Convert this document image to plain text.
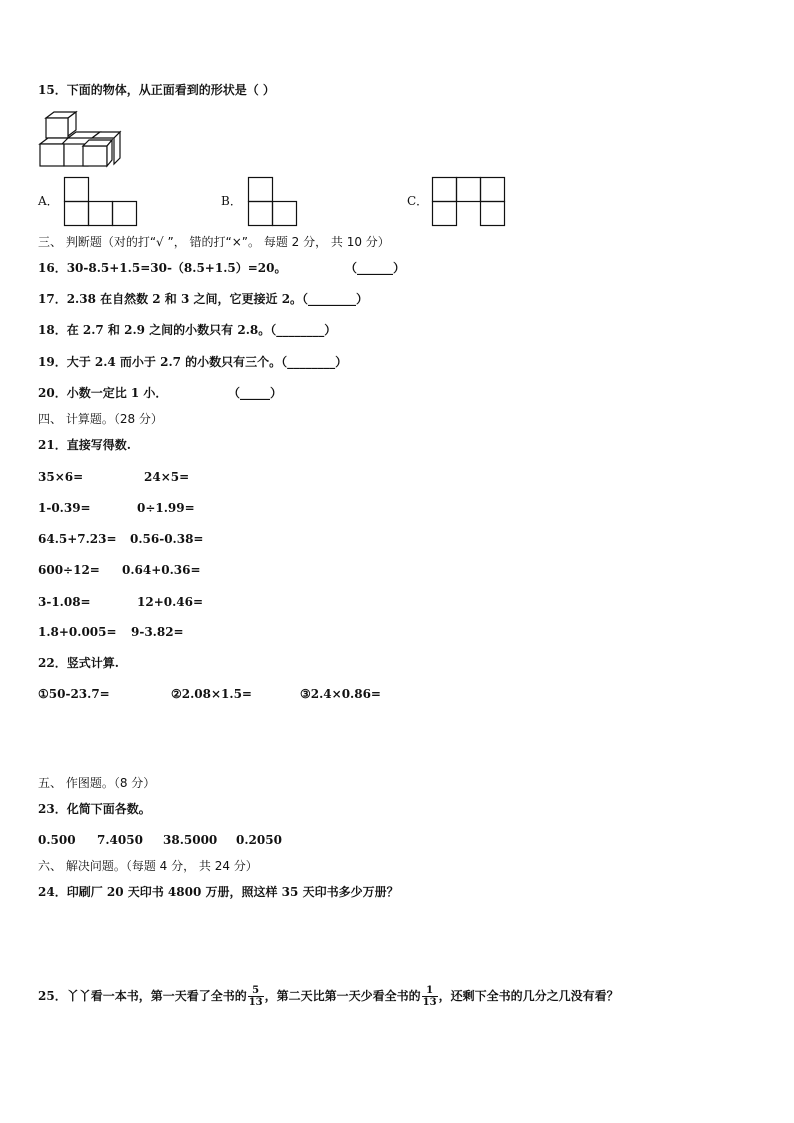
15．下面的物体，从正面看到的形状是（ ）
A．	B．	C．
三、 判断题（对的打“√ ”， 错的打“×”。 每题 2 分， 共 10 分）
16．30-8.5+1.5=30-（8.5+1.5）=20。	（______）
17．2.38 在自然数 2 和 3 之间，它更接近 2。（________）
18．在 2.7 和 2.9 之间的小数只有 2.8。（________）
19．大于 2.4 而小于 2.7 的小数只有三个。（________）
20．小数一定比 1 小．	（_____）
四、 计算题。（28 分）
21．直接写得数.
35×6=	24×5=
1-0.39=	0÷1.99=
64.5+7.23= 0.56-0.38=
600÷12= 0.64+0.36=
3-1.08=	12+0.46=
1.8+0.005= 9-3.82=
22．竖式计算.
①50-23.7=	②2.08×1.5=	③2.4×0.86=
五、 作图题。（8 分）
23．化简下面各数。
0.500 7.4050 38.5000 0.2050
六、 解决问题。（每题 4 分， 共 24 分）
24．印刷厂 20 天印书 4800 万册，照这样 35 天印书多少万册？
25．丫丫看一本书，第一天看了全书的 $\frac{5}{13}$ ，第二天比第一天少看全书的 $\frac{1}{13}$ ，还剩下全书的几分之几没有看？
